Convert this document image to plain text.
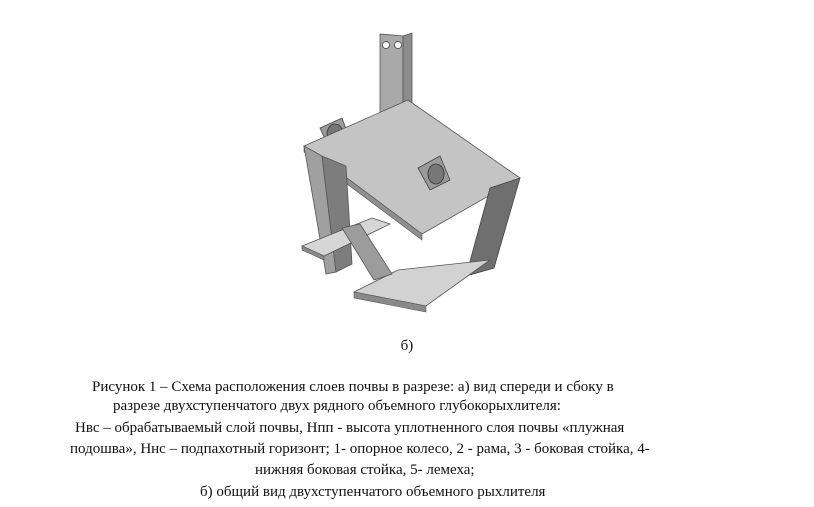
б)
Рисунок 1 – Схема расположения слоев почвы в разрезе: а) вид спереди и сбоку в
разрезе двухступенчатого двух рядного объемного глубокорыхлителя:
Нвс – обрабатываемый слой почвы, Нпп - высота уплотненного слоя почвы «плужная
подошва», Ннс – подпахотный горизонт; 1- опорное колесо, 2 - рама, 3 - боковая стойка, 4-
нижняя боковая стойка, 5- лемеха;
б) общий вид двухступенчатого объемного рыхлителя
